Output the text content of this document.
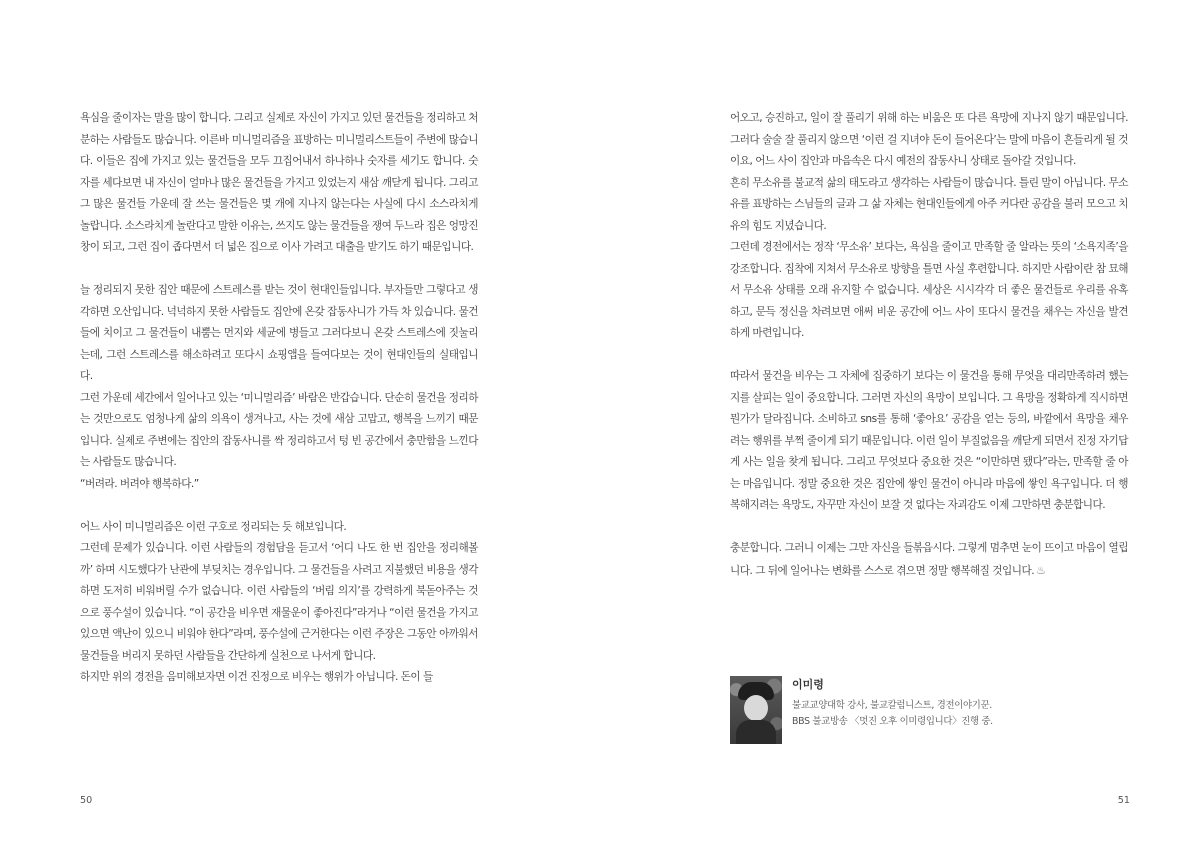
욕심을 줄이자는 말을 많이 합니다. 그리고 실제로 자신이 가지고 있던 물건들을 정리하고 처분하는 사람들도 많습니다. 이른바 미니멀리즘을 표방하는 미니멀리스트들이 주변에 많습니다. 이들은 집에 가지고 있는 물건들을 모두 끄집어내서 하나하나 숫자를 세기도 합니다. 숫자를 세다보면 내 자신이 얼마나 많은 물건들을 가지고 있었는지 새삼 깨닫게 됩니다. 그리고 그 많은 물건들 가운데 잘 쓰는 물건들은 몇 개에 지나지 않는다는 사실에 다시 소스라치게 놀랍니다. 소스라치게 놀란다고 말한 이유는, 쓰지도 않는 물건들을 쟁여 두느라 집은 엉망진창이 되고, 그런 집이 좁다면서 더 넓은 집으로 이사 가려고 대출을 받기도 하기 때문입니다.

늘 정리되지 못한 집안 때문에 스트레스를 받는 것이 현대인들입니다. 부자들만 그렇다고 생각하면 오산입니다. 넉넉하지 못한 사람들도 집안에 온갖 잡동사니가 가득 차 있습니다. 물건들에 치이고 그 물건들이 내뿜는 먼지와 세균에 병들고 그러다보니 온갖 스트레스에 짓눌리는데, 그런 스트레스를 해소하려고 또다시 쇼핑앱을 들여다보는 것이 현대인들의 실태입니다.

그런 가운데 세간에서 일어나고 있는 ‘미니멀리즘’ 바람은 반갑습니다. 단순히 물건을 정리하는 것만으로도 엄청나게 삶의 의욕이 생겨나고, 사는 것에 새삼 고맙고, 행복을 느끼기 때문입니다. 실제로 주변에는 집안의 잡동사니를 싹 정리하고서 텅 빈 공간에서 충만함을 느낀다는 사람들도 많습니다.

“버려라. 버려야 행복하다.”

어느 사이 미니멀리즘은 이런 구호로 정리되는 듯 해보입니다.

그런데 문제가 있습니다. 이런 사람들의 경험담을 듣고서 ‘어디 나도 한 번 집안을 정리해볼까’ 하며 시도했다가 난관에 부딪치는 경우입니다. 그 물건들을 사려고 지불했던 비용을 생각하면 도저히 비워버릴 수가 없습니다. 이런 사람들의 ‘버림 의지’를 강력하게 북돋아주는 것으로 풍수설이 있습니다. “이 공간을 비우면 재물운이 좋아진다”라거나 “이런 물건을 가지고 있으면 액난이 있으니 비워야 한다”라며, 풍수설에 근거한다는 이런 주장은 그동안 아까워서 물건들을 버리지 못하던 사람들을 간단하게 실천으로 나서게 합니다.

하지만 위의 경전을 음미해보자면 이건 진정으로 비우는 행위가 아닙니다. 돈이 들

50

어오고, 승진하고, 일이 잘 풀리기 위해 하는 비움은 또 다른 욕망에 지나지 않기 때문입니다. 그러다 술술 잘 풀리지 않으면 ‘이런 걸 지녀야 돈이 들어온다’는 말에 마음이 흔들리게 될 것이요, 어느 사이 집안과 마음속은 다시 예전의 잡동사니 상태로 돌아갈 것입니다.

흔히 무소유를 불교적 삶의 태도라고 생각하는 사람들이 많습니다. 틀린 말이 아닙니다. 무소유를 표방하는 스님들의 글과 그 삶 자체는 현대인들에게 아주 커다란 공감을 불러 모으고 치유의 힘도 지녔습니다.

그런데 경전에서는 정작 ‘무소유’ 보다는, 욕심을 줄이고 만족할 줄 알라는 뜻의 ‘소욕지족’을 강조합니다. 집착에 지쳐서 무소유로 방향을 틀면 사실 후련합니다. 하지만 사람이란 참 묘해서 무소유 상태를 오래 유지할 수 없습니다. 세상은 시시각각 더 좋은 물건들로 우리를 유혹하고, 문득 정신을 차려보면 애써 비운 공간에 어느 사이 또다시 물건을 채우는 자신을 발견하게 마련입니다.

따라서 물건을 비우는 그 자체에 집중하기 보다는 이 물건을 통해 무엇을 대리만족하려 했는지를 살피는 일이 중요합니다. 그러면 자신의 욕망이 보입니다. 그 욕망을 정확하게 직시하면 뭔가가 달라집니다. 소비하고 sns를 통해 ‘좋아요’ 공감을 얻는 등의, 바깥에서 욕망을 채우려는 행위를 부쩍 줄이게 되기 때문입니다. 이런 일이 부질없음을 깨닫게 되면서 진정 자기답게 사는 일을 찾게 됩니다. 그리고 무엇보다 중요한 것은 “이만하면 됐다”라는, 만족할 줄 아는 마음입니다. 정말 중요한 것은 집안에 쌓인 물건이 아니라 마음에 쌓인 욕구입니다. 더 행복해지려는 욕망도, 자꾸만 자신이 보잘 것 없다는 자괴감도 이제 그만하면 충분합니다.

충분합니다. 그러니 이제는 그만 자신을 들볶읍시다. 그렇게 멈추면 눈이 뜨이고 마음이 열립니다. 그 뒤에 일어나는 변화를 스스로 겪으면 정말 행복해질 것입니다. ♨

이미령
불교교양대학 강사, 불교칼럼니스트, 경전이야기꾼.
BBS 불교방송 〈멋진 오후 이미령입니다〉진행 중.
51
